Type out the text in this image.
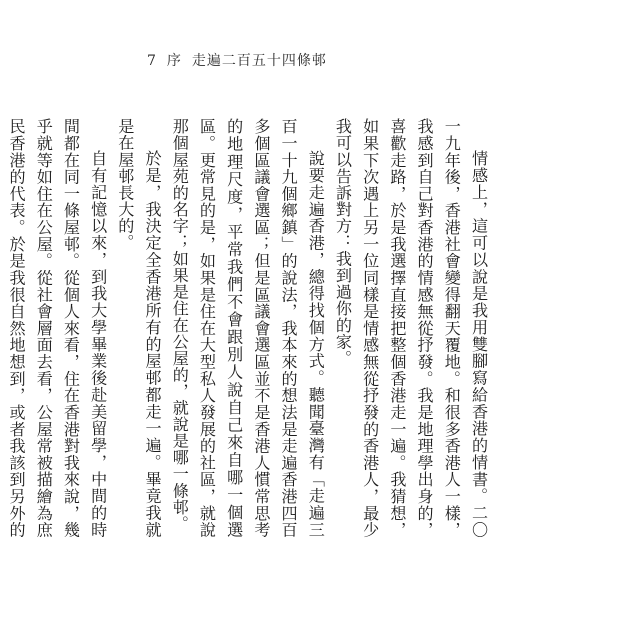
7 序 走遍二百五十四條邨

情感上，這可以說是我用雙腳寫給香港的情書。二〇一九年後，香港社會變得翻天覆地。和很多香港人一樣，我感到自己對香港的情感無從抒發。我是地理學出身的，喜歡走路，於是我選擇直接把整個香港走一遍。我猜想，如果下次遇上另一位同樣是情感無從抒發的香港人，最少我可以告訴對方：我到過你的家。

說要走遍香港，總得找個方式。聽聞臺灣有「走遍三百一十九個鄉鎮」的說法，我本來的想法是走遍香港四百多個區議會選區；但是區議會選區並不是香港人慣常思考的地理尺度，平常我們不會跟別人說自己來自哪一個選區。更常見的是，如果是住在大型私人發展的社區，就說那個屋苑的名字；如果是住在公屋的，就說是哪一條邨。

於是，我決定全香港所有的屋邨都走一遍。畢竟我就是在屋邨長大的。

自有記憶以來，到我大學畢業後赴美留學，中間的時間都在同一條屋邨。從個人來看，住在香港對我來說，幾乎就等如住在公屋。從社會層面去看，公屋常被描繪為庶民香港的代表。於是我很自然地想到，或者我該到另外的
